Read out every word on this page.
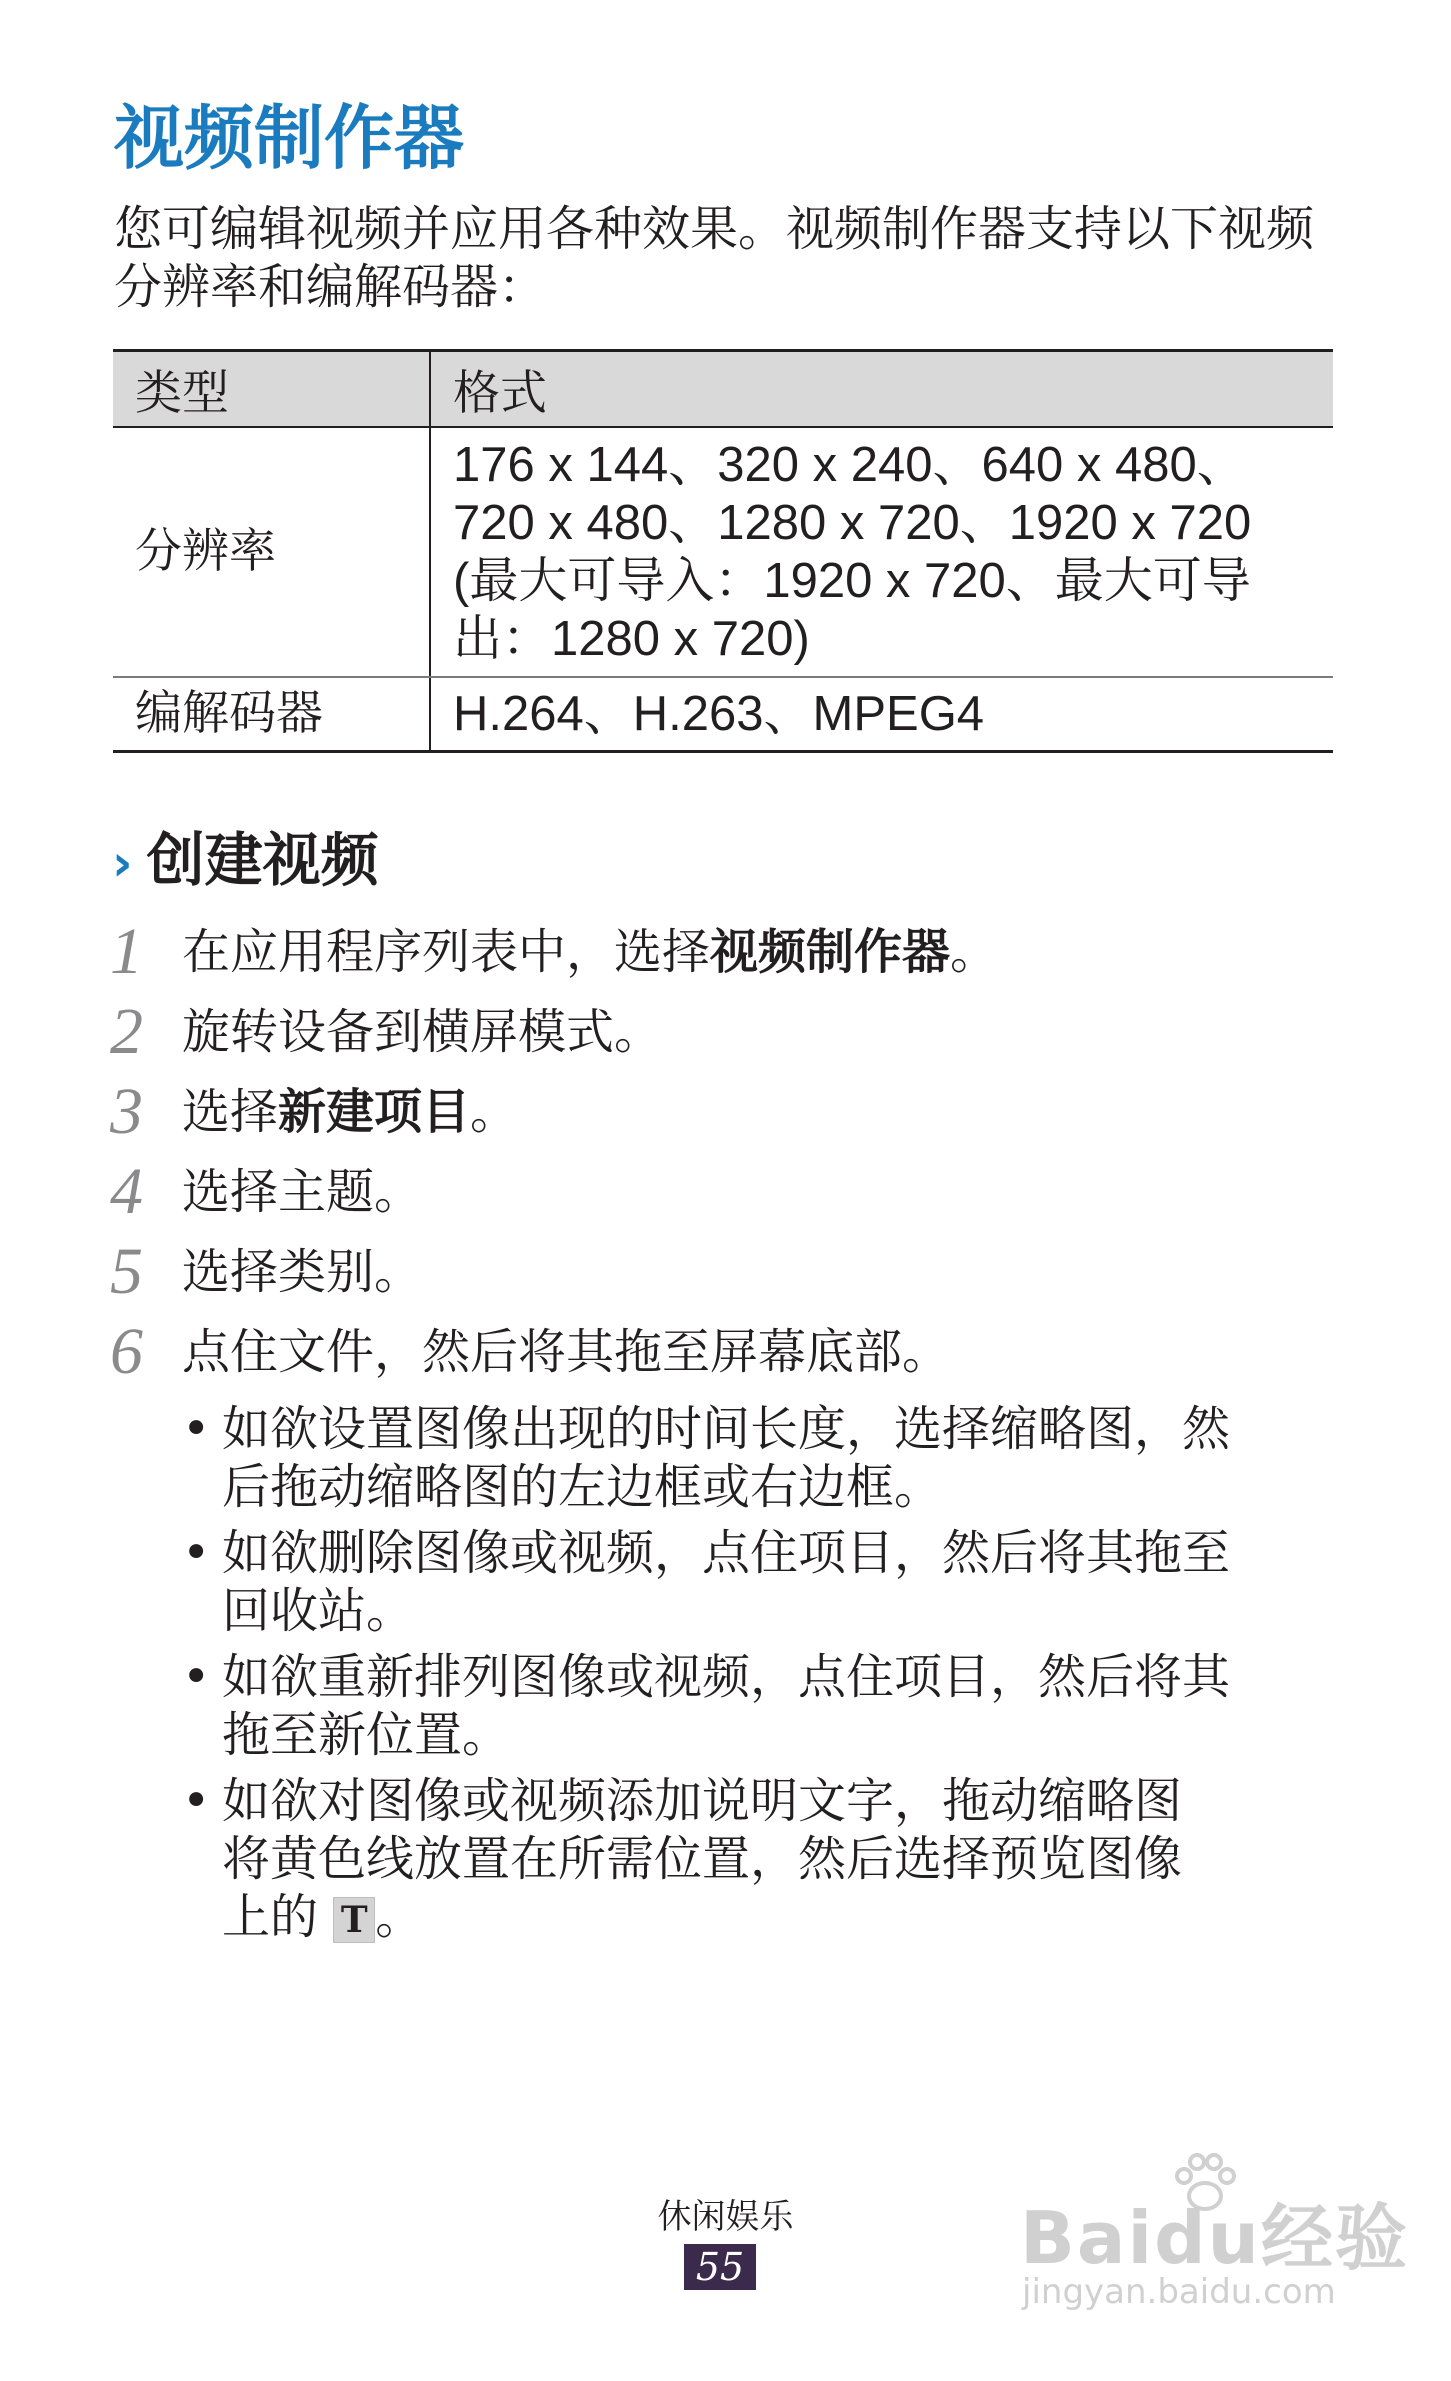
视频制作器

您可编辑视频并应用各种效果。视频制作器支持以下视频分辨率和编解码器：

类型	格式
分辨率	176 x 144、320 x 240、640 x 480、
720 x 480、1280 x 720、1920 x 720
(最大可导入：1920 x 720、最大可导
出：1280 x 720)

编解码器	H.264、H.263、MPEG4
› 创建视频
1 在应用程序列表中，选择视频制作器。
2 旋转设备到横屏模式。
3 选择新建项目。
4 选择主题。
5 选择类别。
6 点住文件，然后将其拖至屏幕底部。
• 如欲设置图像出现的时间长度，选择缩略图，然
后拖动缩略图的左边框或右边框。
• 如欲删除图像或视频，点住项目，然后将其拖至
回收站。
• 如欲重新排列图像或视频，点住项目，然后将其
拖至新位置。
• 如欲对图像或视频添加说明文字，拖动缩略图
将黄色线放置在所需位置，然后选择预览图像
上的 T 。
休闲娱乐
55	Baidu经验
jingyan.baidu.com
